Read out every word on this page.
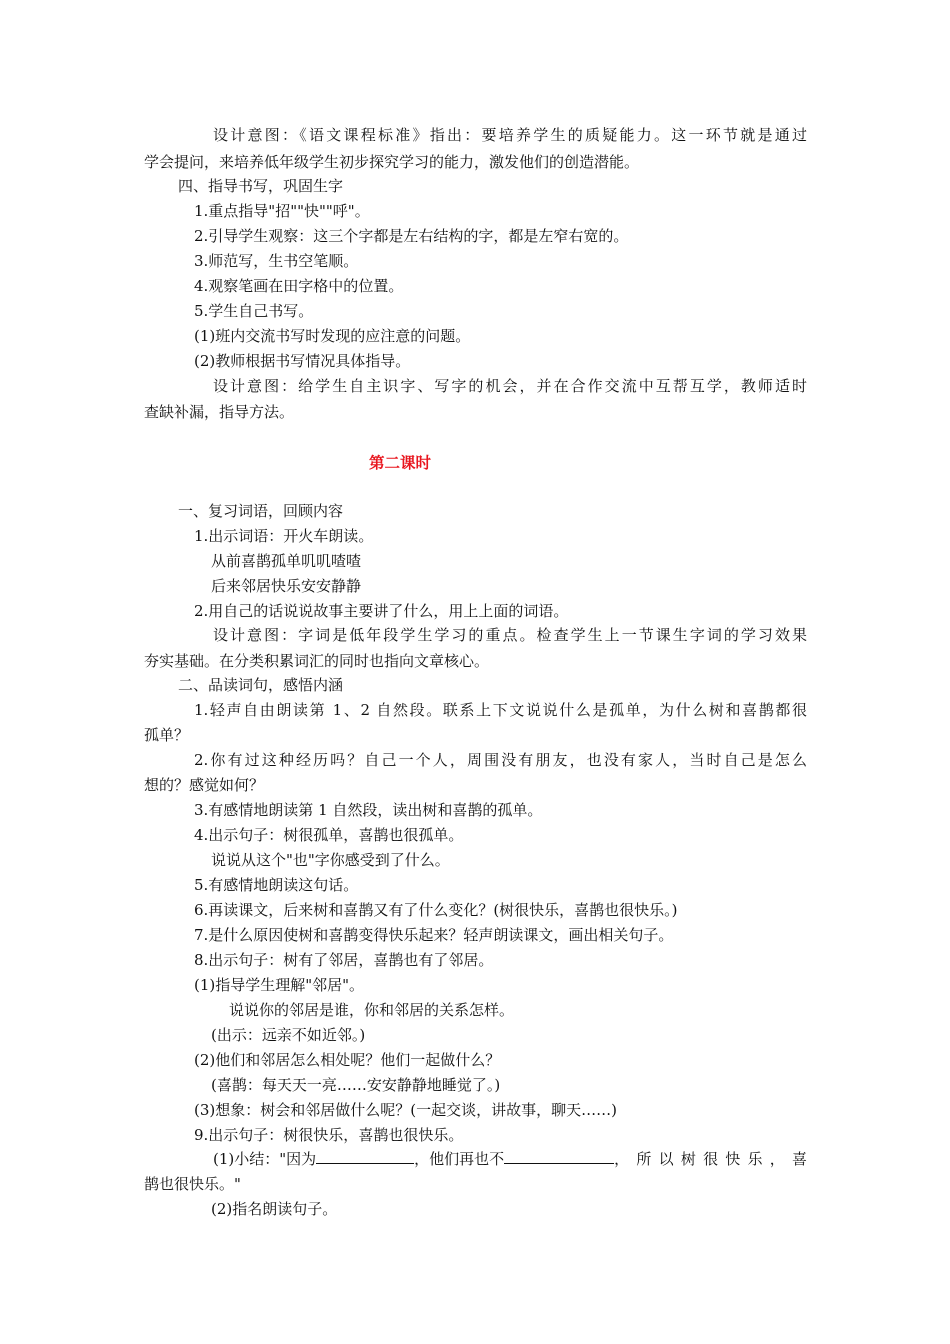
设计意图：《语文课程标准》指出：要培养学生的质疑能力。这一环节就是通过
学会提问，来培养低年级学生初步探究学习的能力，激发他们的创造潜能。
四、指导书写，巩固生字
1.重点指导"招""快""呼"。
2.引导学生观察：这三个字都是左右结构的字，都是左窄右宽的。
3.师范写，生书空笔顺。
4.观察笔画在田字格中的位置。
5.学生自己书写。
(1)班内交流书写时发现的应注意的问题。
(2)教师根据书写情况具体指导。
设计意图：给学生自主识字、写字的机会，并在合作交流中互帮互学，教师适时
查缺补漏，指导方法。
第二课时
一、复习词语，回顾内容
1.出示词语：开火车朗读。
从前喜鹊孤单叽叽喳喳
后来邻居快乐安安静静
2.用自己的话说说故事主要讲了什么，用上上面的词语。
设计意图：字词是低年段学生学习的重点。检查学生上一节课生字词的学习效果
夯实基础。在分类积累词汇的同时也指向文章核心。
二、品读词句，感悟内涵
1.轻声自由朗读第 1、2 自然段。联系上下文说说什么是孤单，为什么树和喜鹊都很
孤单？
2.你有过这种经历吗？自己一个人，周围没有朋友，也没有家人，当时自己是怎么
想的？感觉如何？
3.有感情地朗读第 1 自然段，读出树和喜鹊的孤单。
4.出示句子：树很孤单，喜鹊也很孤单。
说说从这个"也"字你感受到了什么。
5.有感情地朗读这句话。
6.再读课文，后来树和喜鹊又有了什么变化？(树很快乐，喜鹊也很快乐。)
7.是什么原因使树和喜鹊变得快乐起来？轻声朗读课文，画出相关句子。
8.出示句子：树有了邻居，喜鹊也有了邻居。
(1)指导学生理解"邻居"。
说说你的邻居是谁，你和邻居的关系怎样。
(出示：远亲不如近邻。)
(2)他们和邻居怎么相处呢？他们一起做什么？
(喜鹊：每天天一亮……安安静静地睡觉了。)
(3)想象：树会和邻居做什么呢？(一起交谈，讲故事，聊天……)
9.出示句子：树很快乐，喜鹊也很快乐。
(1)小结："因为	，他们再也不	，所以树很快乐，喜
鹊也很快乐。"
(2)指名朗读句子。
